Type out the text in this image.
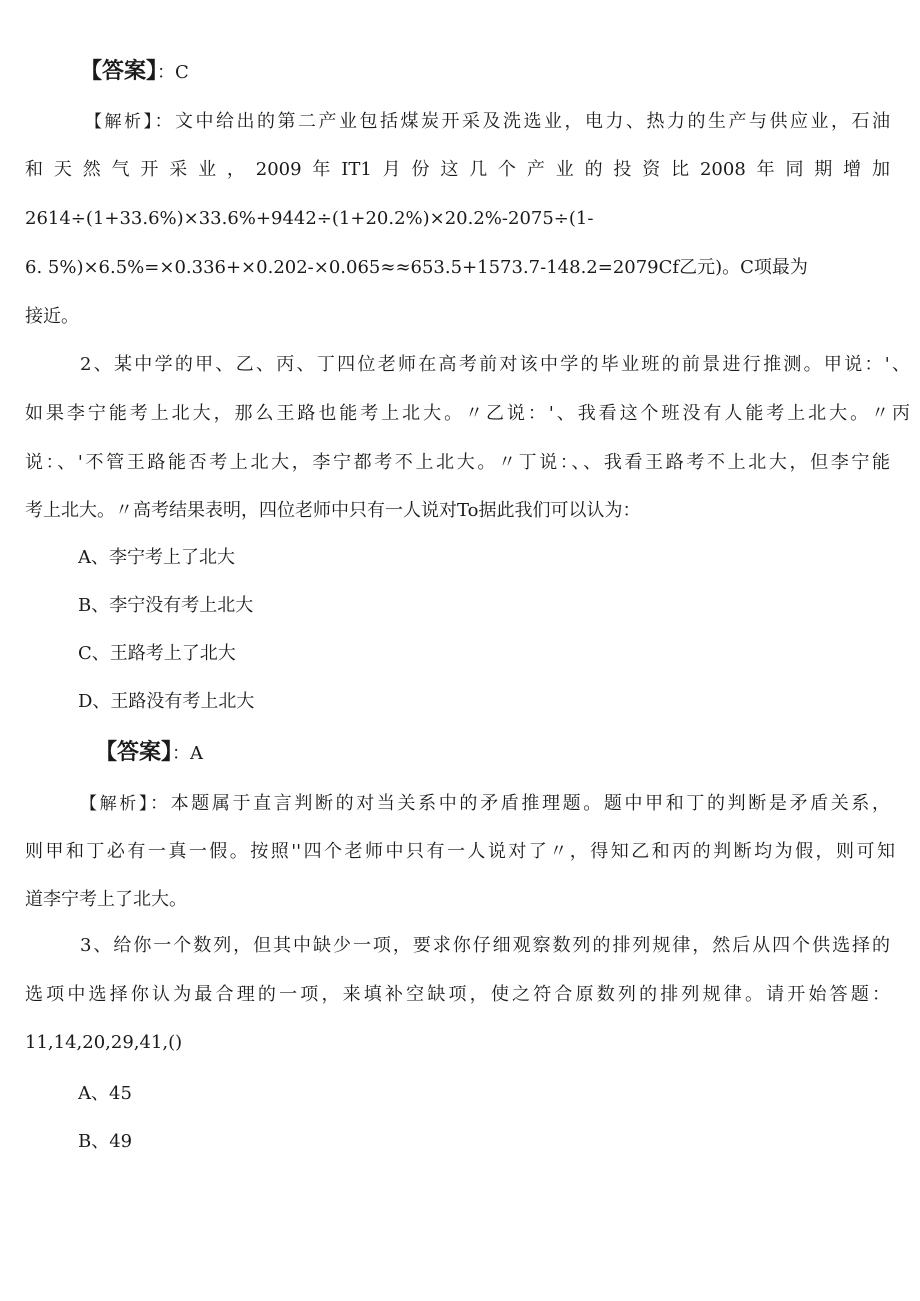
【答案】：C
【解析】：文中给出的第二产业包括煤炭开采及洗选业，电力、热力的生产与供应业，石油
和天然气开采业，2009年IT1月份这几个产业的投资比2008年同期增加
2614÷(1+33.6%)×33.6%+9442÷(1+20.2%)×20.2%-2075÷(1-
6. 5%)×6.5%=×0.336+×0.202-×0.065≈≈653.5+1573.7-148.2=2079Cf乙元)。C项最为
接近。
2、某中学的甲、乙、丙、丁四位老师在高考前对该中学的毕业班的前景进行推测。甲说：'、
如果李宁能考上北大，那么王路也能考上北大。〃乙说：'、我看这个班没有人能考上北大。〃丙
说：、'不管王路能否考上北大，李宁都考不上北大。〃丁说：、、我看王路考不上北大，但李宁能
考上北大。〃高考结果表明，四位老师中只有一人说对To据此我们可以认为：
A、李宁考上了北大
B、李宁没有考上北大
C、王路考上了北大
D、王路没有考上北大
【答案】：A
【解析】：本题属于直言判断的对当关系中的矛盾推理题。题中甲和丁的判断是矛盾关系，
则甲和丁必有一真一假。按照''四个老师中只有一人说对了〃，得知乙和丙的判断均为假，则可知
道李宁考上了北大。
3、给你一个数列，但其中缺少一项，要求你仔细观察数列的排列规律，然后从四个供选择的
选项中选择你认为最合理的一项，来填补空缺项，使之符合原数列的排列规律。请开始答题：
11,14,20,29,41,()
A、45
B、49
